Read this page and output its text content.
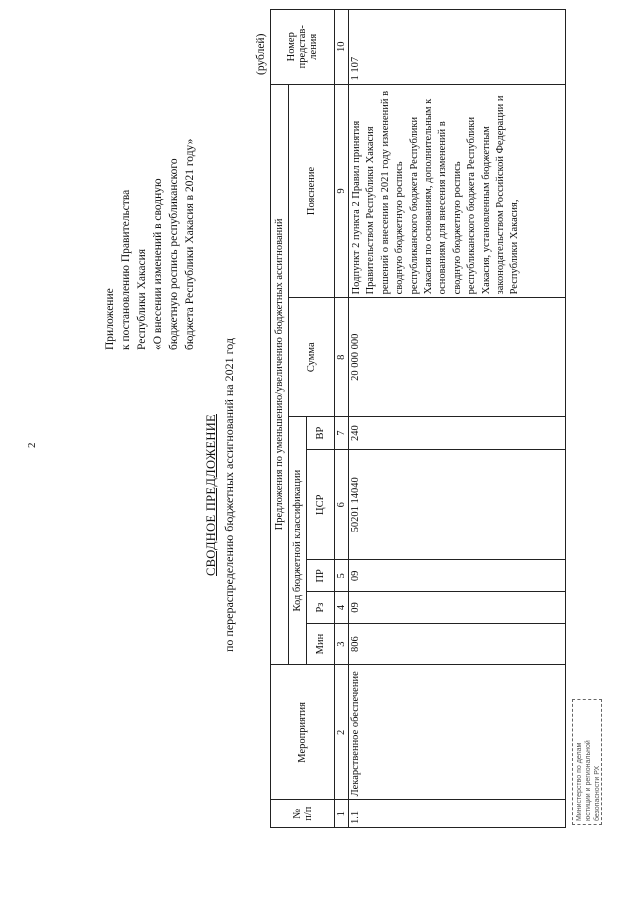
2
Приложение к постановлению Правительства Республики Хакасия «О внесении изменений в сводную бюджетную роспись республиканского бюджета Республики Хакасия в 2021 году»
СВОДНОЕ ПРЕДЛОЖЕНИЕ по перераспределению бюджетных ассигнований на 2021 год
(рублей)
№ п/п	Мероприятия	Предложения по уменьшению/увеличению бюджетных ассигнований							Номер представ-ления
		Код бюджетной классификации					Сумма	Пояснение	
		Мин	Рз	ПР	ЦСР	ВР			
1	2	3	4	5	6	7	8	9	10
1.1	Лекарственное обеспечение	806	09	09	50201 14040	240	20 000 000	Подпункт 2 пункта 2 Правил принятия Правительством Республики Хакасия решений о внесении в 2021 году изменений в сводную бюджетную роспись республиканского бюджета Республики Хакасия по основаниям, дополнительным к основаниям для внесения изменений в сводную бюджетную роспись республиканского бюджета Республики Хакасия, установленным бюджетным законодательством Российской Федерации и Республики Хакасия,	1 107
Министерство по делам юстиции и региональной безопасности РХ
